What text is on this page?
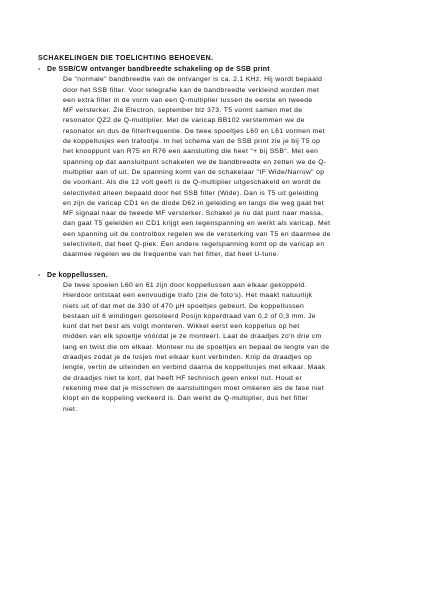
SCHAKELINGEN DIE TOELICHTING BEHOEVEN.
- De SSB/CW ontvanger bandbreedte schakeling op de SSB print
De "normale" bandbreedte van de ontvanger is ca. 2,1 KHz. Hij wordt bepaald
door het SSB filter. Voor telegrafie kan de bandbreedte verkleind worden met
een extra filter in de vorm van een Q-multiplier tussen de eerste en tweede
MF versterker. Zie Electron, september blz 373. T5 vormt samen met de
resonator QZ2 de Q-multiplier. Met de varicap BB102 verstemmen we de
resonator en dus de filterfrequentie. De twee spoeltjes L60 en L61 vormen met
de koppellusjes een trafootje. In het schema van de SSB print zie je bij T5 op
het knooppunt van R75 en R76 een aansluiting die heet "+ bij SSB". Met een
spanning op dat aansluitpunt schakelen we de bandbreedte en zetten we de Q-
multiplier aan of uit. De spanning komt van de schakelaar "IF Wide/Narrow" op
de voorkant. Als die 12 volt geeft is de Q-multiplier uitgeschakeld en wordt de
selectiviteit alleen bepaald door het SSB filter (Wide). Dan is T5 uit geleiding
en zijn de varicap CD1 en de diode D62 in geleiding en langs die weg gaat het
MF signaal naar de tweede MF versterker. Schakel je nu dat punt naar massa,
dan gaat T5 geleiden en CD1 krijgt een tegenspanning en werkt als varicap. Met
een spanning uit de controlbox regelen we de versterking van T5 en daarmee de
selectiviteit, dat heet Q-piek. Een andere regelspanning komt op de varicap en
daarmee regelen we de frequentie van het filter, dat heet U-tune.
- De koppellussen.
De twee spoelen L60 en 61 zijn door koppellussen aan elkaar gekoppeld.
Hierdoor ontstaat een eenvoudige trafo (zie de foto's). Het maakt natuurlijk
niets uit of dat met de 330 of 470 µH spoeltjes gebeurt. De koppellussen
bestaan uit 6 windingen gelsoleerd Posijn koperdraad van 0,2 of 0,3 mm. Je
kunt dat het best als volgt monteren. Wikkel eerst een koppellus op het
midden van elk spoeltje vóórdat je ze monteert. Laat de draadjes zo'n drie cm
lang en twist die om elkaar. Monteer nu de spoeltjes en bepaal de lengte van de
draadjes zodat je de lusjes met elkaar kunt verbinden. Knip de draadjes op
lengte, vertin de uiteinden en verbind daarna de koppellusjes met elkaar. Maak
de draadjes niet te kort, dat heeft HF technisch geen enkel nut. Houd er
rekening mee dat je misschien de aansluitingen moet omkeren als de fase niet
klopt en de koppeling verkeerd is. Dan werkt de Q-multiplier, dus het filter
niet.
